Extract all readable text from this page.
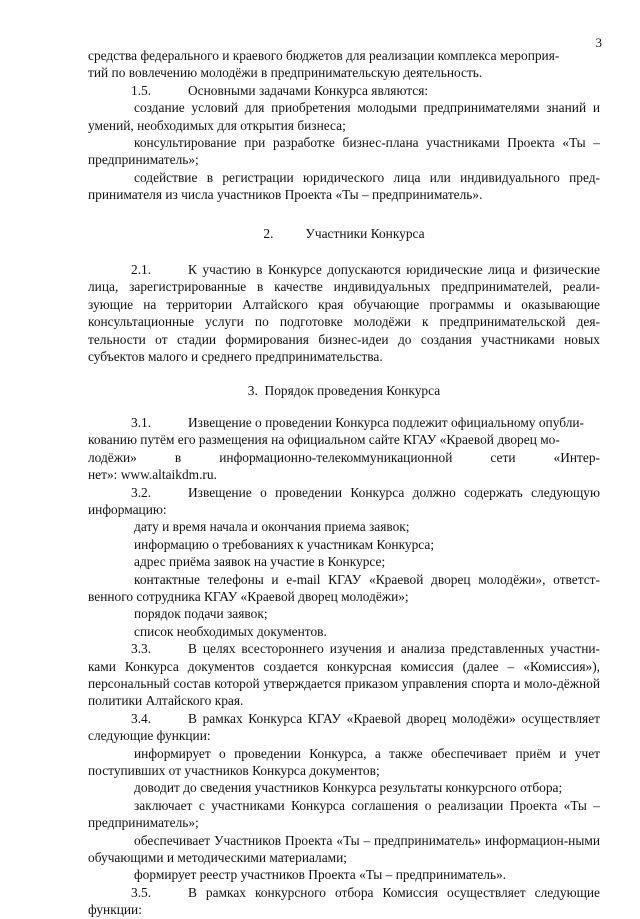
3

средства федерального и краевого бюджетов для реализации комплекса мероприя-

тий по вовлечению молодёжи в предпринимательскую деятельность.

1.5.	Основными задачами Конкурса являются:

создание условий для приобретения молодыми предпринимателями знаний и умений, необходимых для открытия бизнеса;

консультирование при разработке бизнес-плана участниками Проекта «Ты – предприниматель»;

содействие в регистрации юридического лица или индивидуального пред-принимателя из числа участников Проекта «Ты – предприниматель».

2. Участники Конкурса

2.1.	К участию в Конкурсе допускаются юридические лица и физические лица, зарегистрированные в качестве индивидуальных предпринимателей, реали-зующие на территории Алтайского края обучающие программы и оказывающие консультационные услуги по подготовке молодёжи к предпринимательской дея-тельности от стадии формирования бизнес-идеи до создания участниками новых субъектов малого и среднего предпринимательства.

3. Порядок проведения Конкурса

3.1.	Извещение о проведении Конкурса подлежит официальному опубли-

кованию путём его размещения на официальном сайте КГАУ «Краевой дворец мо-

лодёжи»	в	информационно-телекоммуникационной	сети	«Интер-

нет»: www.altaikdm.ru.

3.2.	Извещение о проведении Конкурса должно содержать следующую информацию:

дату и время начала и окончания приема заявок;

информацию о требованиях к участникам Конкурса;

адрес приёма заявок на участие в Конкурсе;

контактные телефоны и e-mail КГАУ «Краевой дворец молодёжи», ответст-венного сотрудника КГАУ «Краевой дворец молодёжи»;

порядок подачи заявок;

список необходимых документов.

3.3.	В целях всестороннего изучения и анализа представленных участни-ками Конкурса документов создается конкурсная комиссия (далее – «Комиссия»), персональный состав которой утверждается приказом управления спорта и моло-дёжной политики Алтайского края.

3.4.	В рамках Конкурса КГАУ «Краевой дворец молодёжи» осуществляет следующие функции:

информирует о проведении Конкурса, а также обеспечивает приём и учет поступивших от участников Конкурса документов;

доводит до сведения участников Конкурса результаты конкурсного отбора;

заключает с участниками Конкурса соглашения о реализации Проекта «Ты – предприниматель»;

обеспечивает Участников Проекта «Ты – предприниматель» информацион-ными обучающими и методическими материалами;

формирует реестр участников Проекта «Ты – предприниматель».

3.5.	В рамках конкурсного отбора Комиссия осуществляет следующие функции:
